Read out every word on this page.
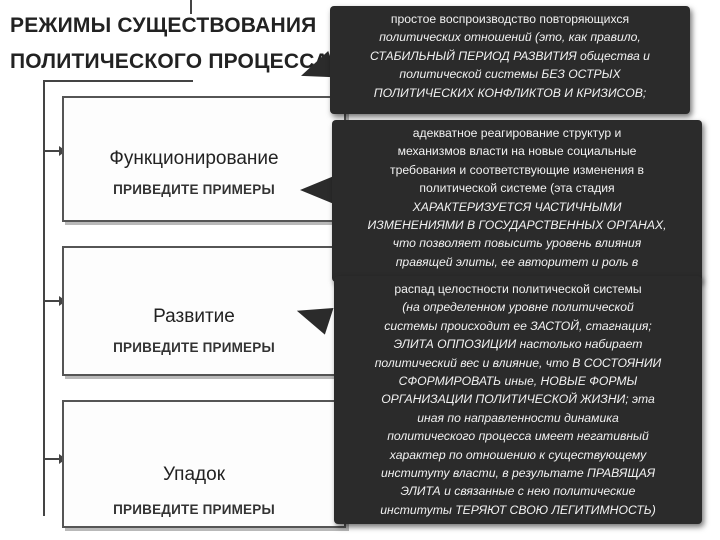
РЕЖИМЫ СУЩЕСТВОВАНИЯ
ПОЛИТИЧЕСКОГО ПРОЦЕССА
Функционирование
ПРИВЕДИТЕ ПРИМЕРЫ
Развитие
ПРИВЕДИТЕ ПРИМЕРЫ
Упадок
ПРИВЕДИТЕ ПРИМЕРЫ
простое воспроизводство повторяющихся
политических отношений (это, как правило,
СТАБИЛЬНЫЙ ПЕРИОД РАЗВИТИЯ общества и
политической системы БЕЗ ОСТРЫХ
ПОЛИТИЧЕСКИХ КОНФЛИКТОВ И КРИЗИСОВ;
адекватное реагирование структур и
механизмов власти на новые социальные
требования и соответствующие изменения в
политической системе (эта стадия
ХАРАКТЕРИЗУЕТСЯ ЧАСТИЧНЫМИ
ИЗМЕНЕНИЯМИ В ГОСУДАРСТВЕННЫХ ОРГАНАХ,
что позволяет повысить уровень влияния
правящей элиты, ее авторитет и роль в
распад целостности политической системы
(на определенном уровне политической
системы происходит ее ЗАСТОЙ, стагнация;
ЭЛИТА ОППОЗИЦИИ настолько набирает
политический вес и влияние, что В СОСТОЯНИИ
СФОРМИРОВАТЬ иные, НОВЫЕ ФОРМЫ
ОРГАНИЗАЦИИ ПОЛИТИЧЕСКОЙ ЖИЗНИ; эта
иная по направленности динамика
политического процесса имеет негативный
характер по отношению к существующему
институту власти, в результате ПРАВЯЩАЯ
ЭЛИТА и связанные с нею политические
институты ТЕРЯЮТ СВОЮ ЛЕГИТИМНОСТЬ)
